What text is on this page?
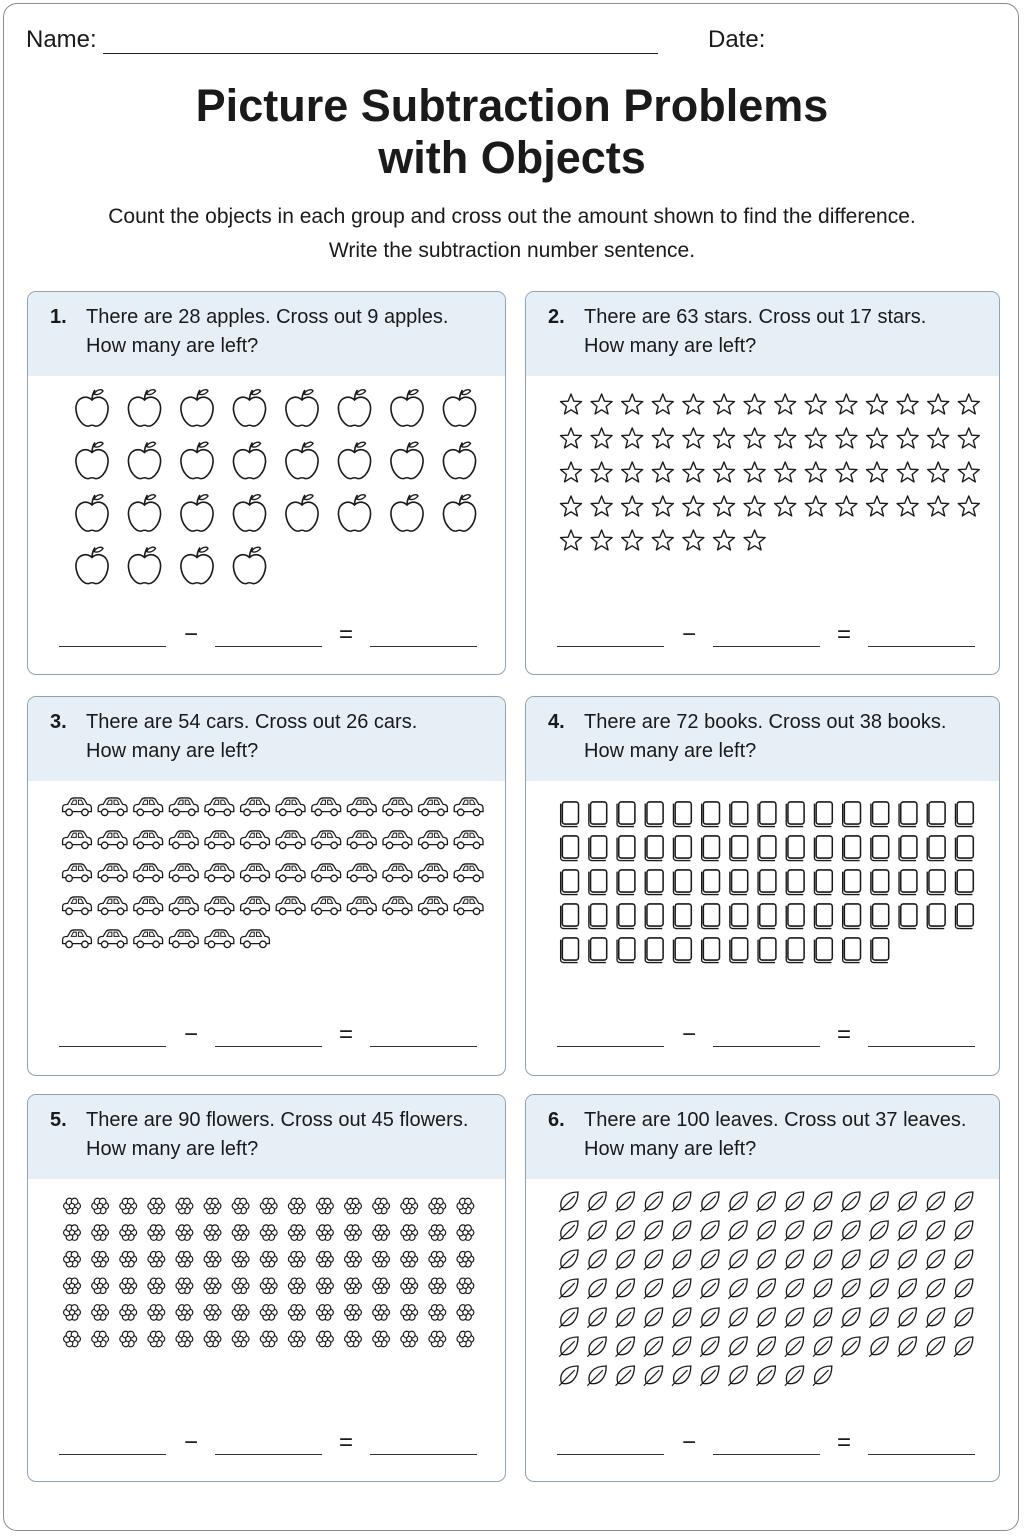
Name:	Date:
Picture Subtraction Problems
with Objects
Count the objects in each group and cross out the amount shown to find the difference.
Write the subtraction number sentence.
1. There are 28 apples. Cross out 9 apples.
How many are left?
−	=
2. There are 63 stars. Cross out 17 stars.
How many are left?
−	=
3. There are 54 cars. Cross out 26 cars.
How many are left?
−	=
4. There are 72 books. Cross out 38 books.
How many are left?
−	=
5. There are 90 flowers. Cross out 45 flowers.
How many are left?
−	=
6. There are 100 leaves. Cross out 37 leaves.
How many are left?
−	=
